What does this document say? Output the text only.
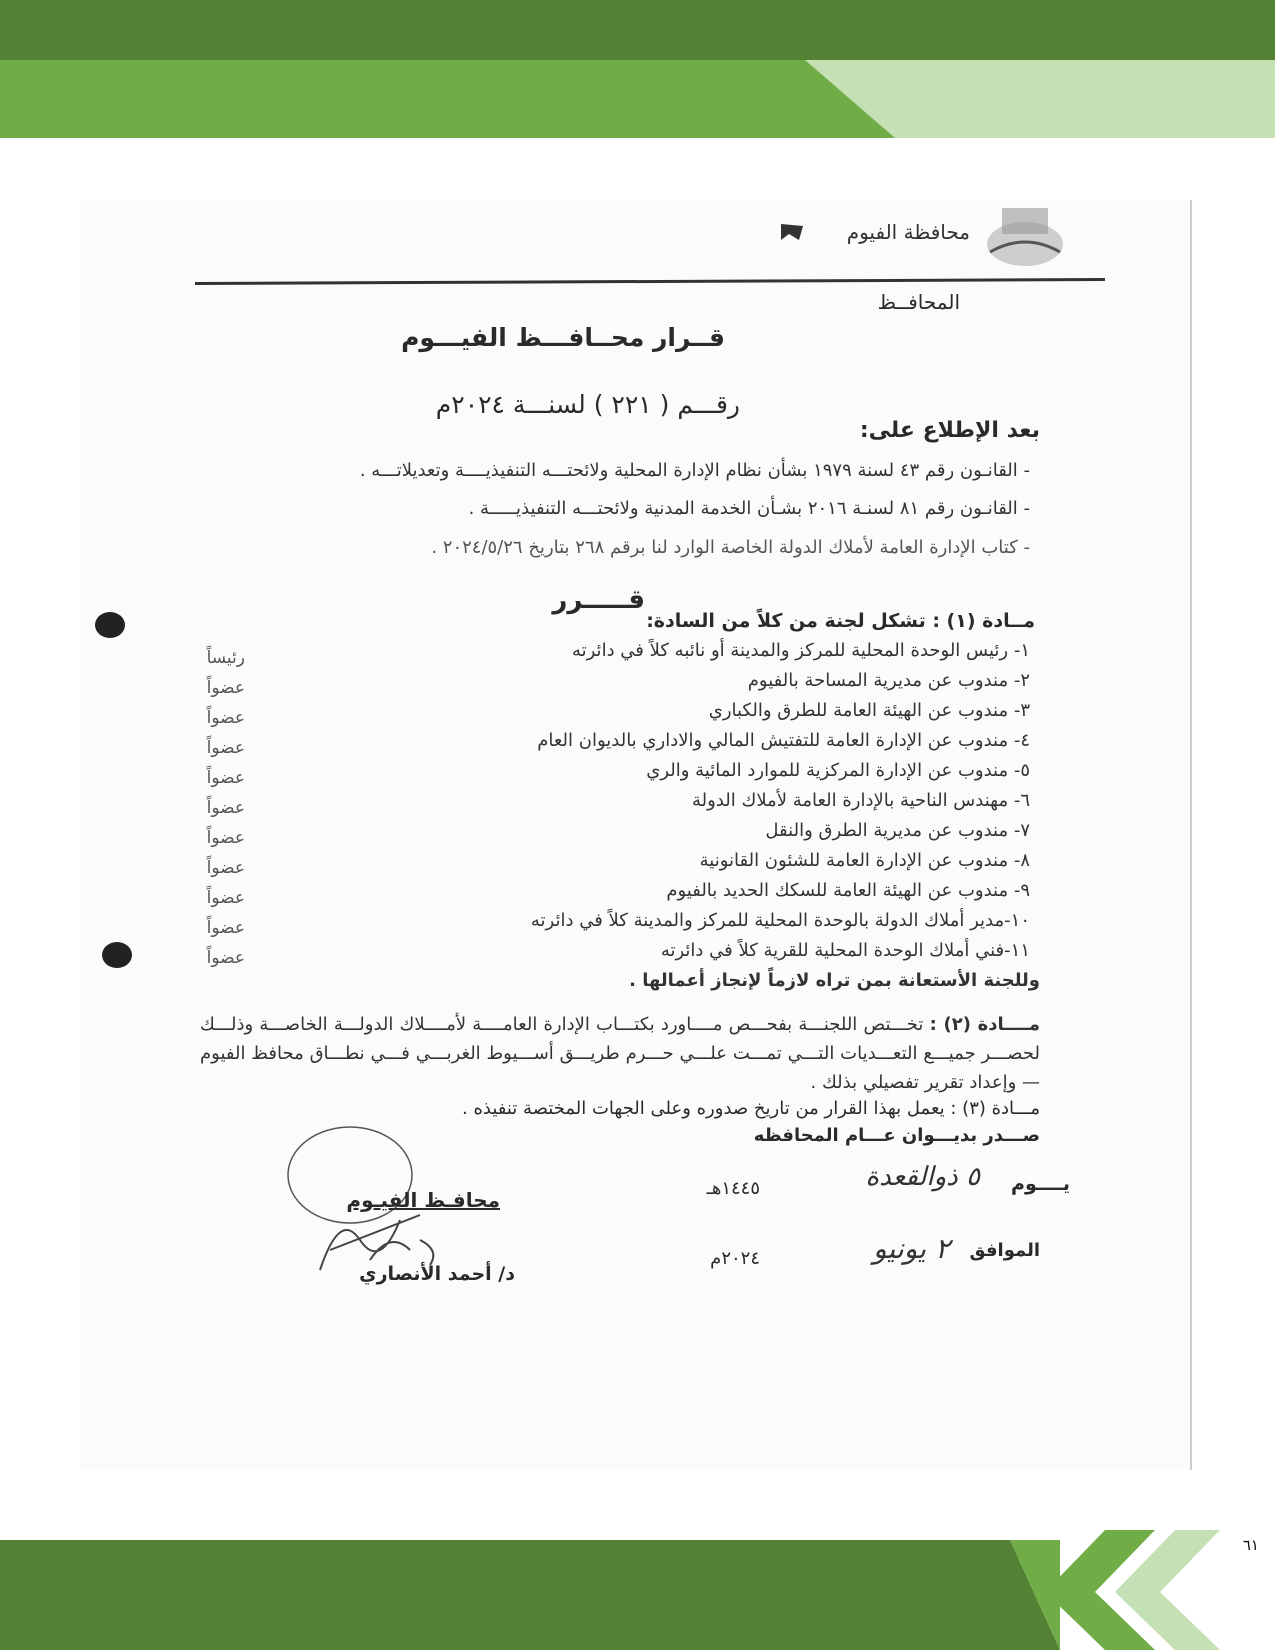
٦١
محافظة الفيوم
المحافــظ
قــرار محــافـــظ الفيـــوم
رقـــم ( ٢٢١ ) لسنـــة ٢٠٢٤م
بعد الإطلاع على:
- القانـون رقم ٤٣ لسنة ١٩٧٩ بشأن نظام الإدارة المحلية ولائحتـــه التنفيذيــــة وتعديلاتـــه .
- القانـون رقم ٨١ لسنـة ٢٠١٦ بشـأن الخدمة المدنية ولائحتـــه التنفيذيـــــة .
- كتاب الإدارة العامة لأملاك الدولة الخاصة الوارد لنا برقم ٢٦٨ بتاريخ ٢٠٢٤/٥/٢٦ .
قـــــرر
مــادة (١) : تشكل لجنة من كلاً من السادة:
١- رئيس الوحدة المحلية للمركز والمدينة أو نائبه كلاً في دائرته
رئيساً
٢- مندوب عن مديرية المساحة بالفيوم
عضواً
٣- مندوب عن الهيئة العامة للطرق والكباري
عضواً
٤- مندوب عن الإدارة العامة للتفتيش المالي والاداري بالديوان العام
عضواً
٥- مندوب عن الإدارة المركزية للموارد المائية والري
عضواً
٦- مهندس الناحية بالإدارة العامة لأملاك الدولة
عضواً
٧- مندوب عن مديرية الطرق والنقل
عضواً
٨- مندوب عن الإدارة العامة للشئون القانونية
عضواً
٩- مندوب عن الهيئة العامة للسكك الحديد بالفيوم
عضواً
١٠-مدير أملاك الدولة بالوحدة المحلية للمركز والمدينة كلاً في دائرته
عضواً
١١-فني أملاك الوحدة المحلية للقرية كلاً في دائرته
عضواً
وللجنة الأستعانة بمن تراه لازماً لإنجاز أعمالها .
مــــادة (٢) : تخـــتص اللجنـــة بفحـــص مــــاورد بكتـــاب الإدارة العامــــة لأمــــلاك الدولـــة الخاصـــة وذلـــك لحصـــر جميـــع التعـــديات التـــي تمـــت علـــي حـــرم طريـــق أســـيوط الغربـــي فـــي نطـــاق محافظ الفيوم — وإعداد تقرير تفصيلي بذلك .
مـــادة (٣) : يعمل بهذا القرار من تاريخ صدوره وعلى الجهات المختصة تنفيذه .
صـــدر بديـــوان عـــام المحافظه
يــــوم
٥ ذوالقعدة
١٤٤٥هـ
الموافق
٢ يونيو
٢٠٢٤م
محافـظ الفيـوم
د/ أحمد الأنصاري
